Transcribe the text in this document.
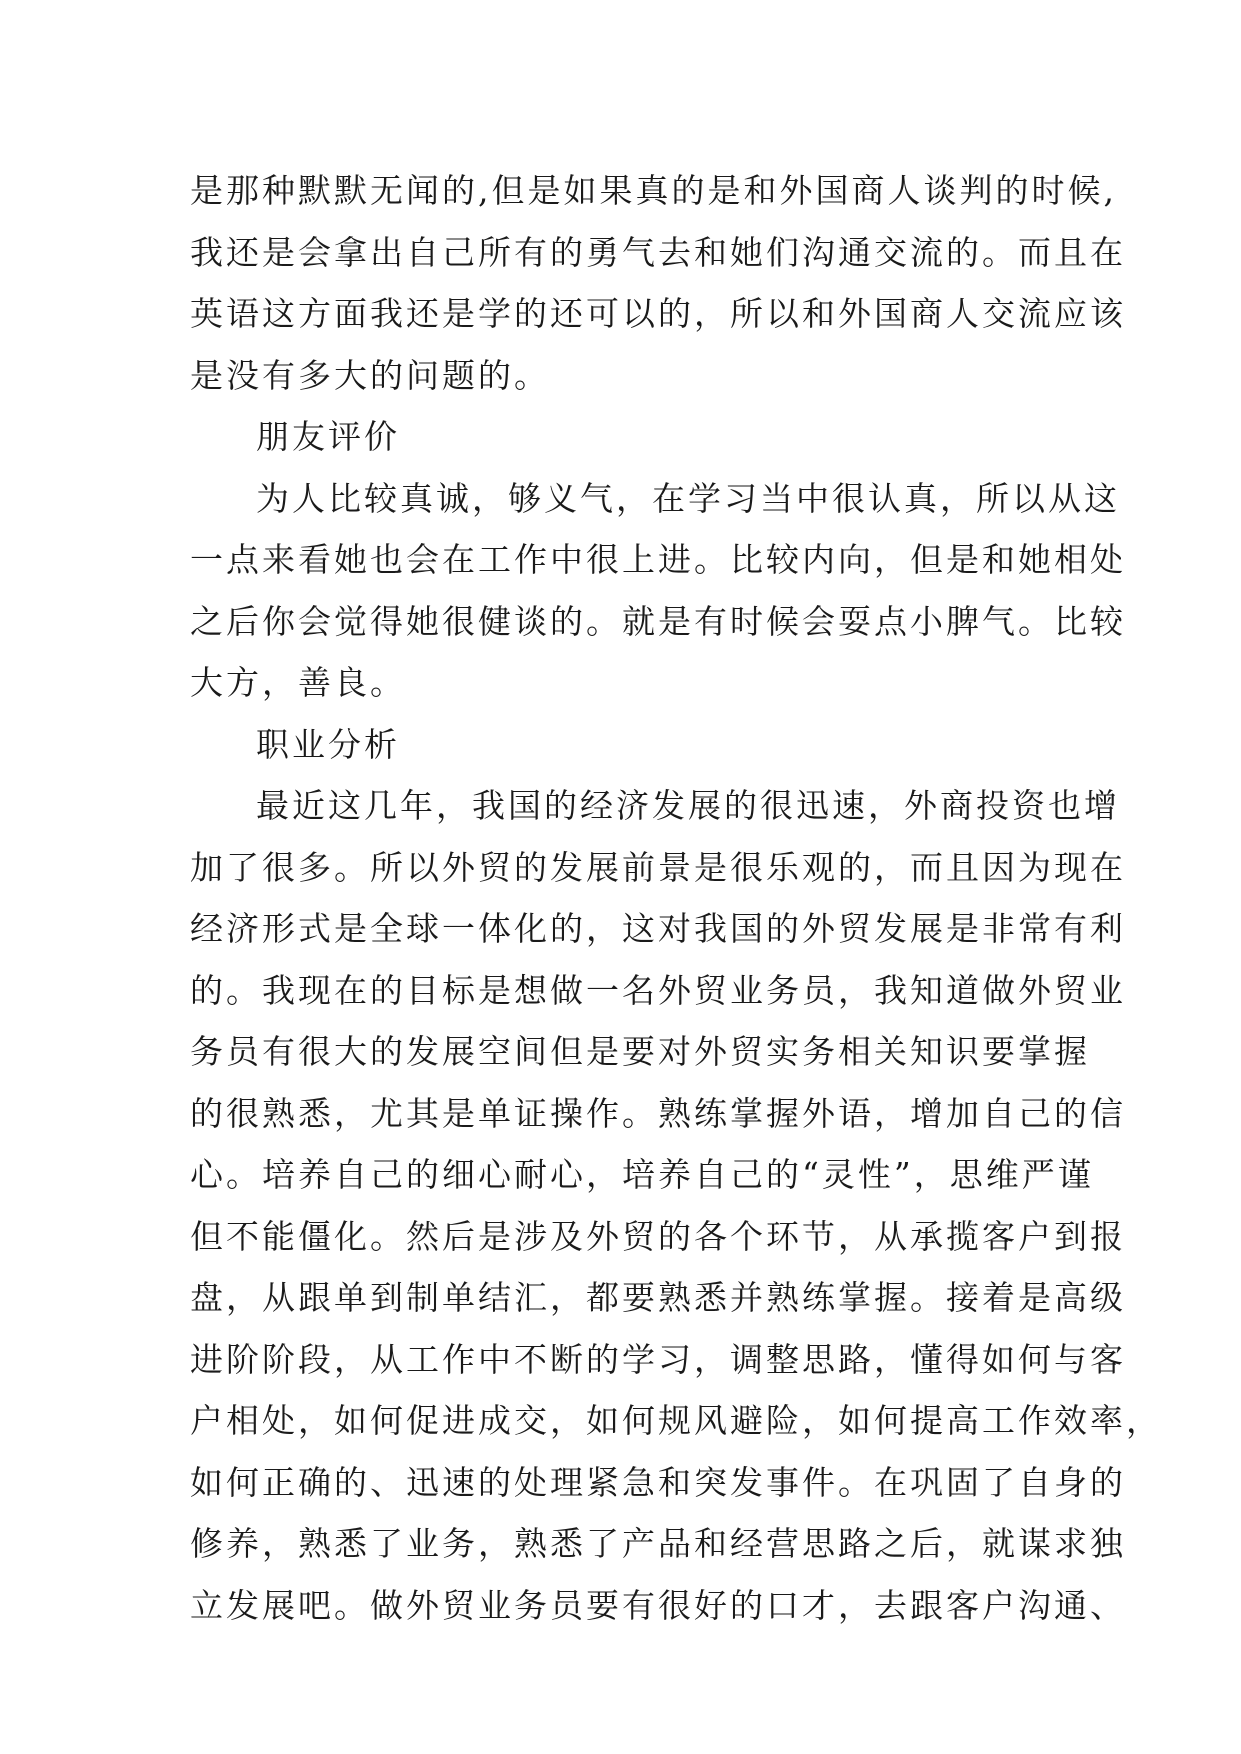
是那种默默无闻的,但是如果真的是和外国商人谈判的时候,
我还是会拿出自己所有的勇气去和她们沟通交流的。而且在
英语这方面我还是学的还可以的，所以和外国商人交流应该
是没有多大的问题的。
朋友评价
为人比较真诚，够义气，在学习当中很认真，所以从这
一点来看她也会在工作中很上进。比较内向，但是和她相处
之后你会觉得她很健谈的。就是有时候会耍点小脾气。比较
大方，善良。
职业分析
最近这几年，我国的经济发展的很迅速，外商投资也增
加了很多。所以外贸的发展前景是很乐观的，而且因为现在
经济形式是全球一体化的，这对我国的外贸发展是非常有利
的。我现在的目标是想做一名外贸业务员，我知道做外贸业
务员有很大的发展空间但是要对外贸实务相关知识要掌握
的很熟悉，尤其是单证操作。熟练掌握外语，增加自己的信
心。培养自己的细心耐心，培养自己的“灵性”，思维严谨
但不能僵化。然后是涉及外贸的各个环节，从承揽客户到报
盘，从跟单到制单结汇，都要熟悉并熟练掌握。接着是高级
进阶阶段，从工作中不断的学习，调整思路，懂得如何与客
户相处，如何促进成交，如何规风避险，如何提高工作效率，
如何正确的、迅速的处理紧急和突发事件。在巩固了自身的
修养，熟悉了业务，熟悉了产品和经营思路之后，就谋求独
立发展吧。做外贸业务员要有很好的口才，去跟客户沟通、
